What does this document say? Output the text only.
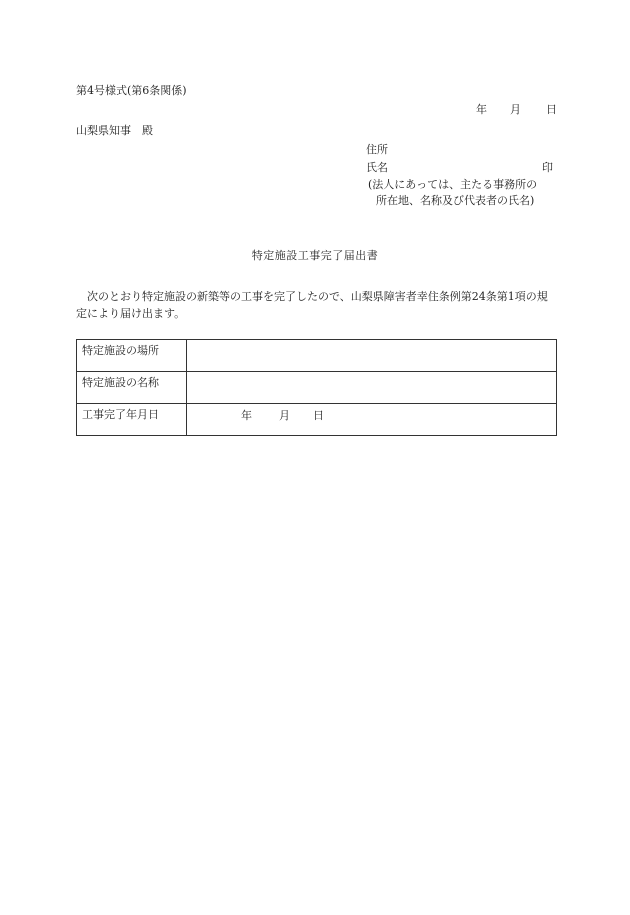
第4号様式(第6条関係)
年 月 日
山梨県知事　殿
住所
氏名	印
(法人にあっては、主たる事務所の
所在地、名称及び代表者の氏名)
特定施設工事完了届出書
次のとおり特定施設の新築等の工事を完了したので、山梨県障害者幸住条例第24条第1項の規定により届け出ます。
特定施設の場所	
特定施設の名称	
工事完了年月日	年 月 日
